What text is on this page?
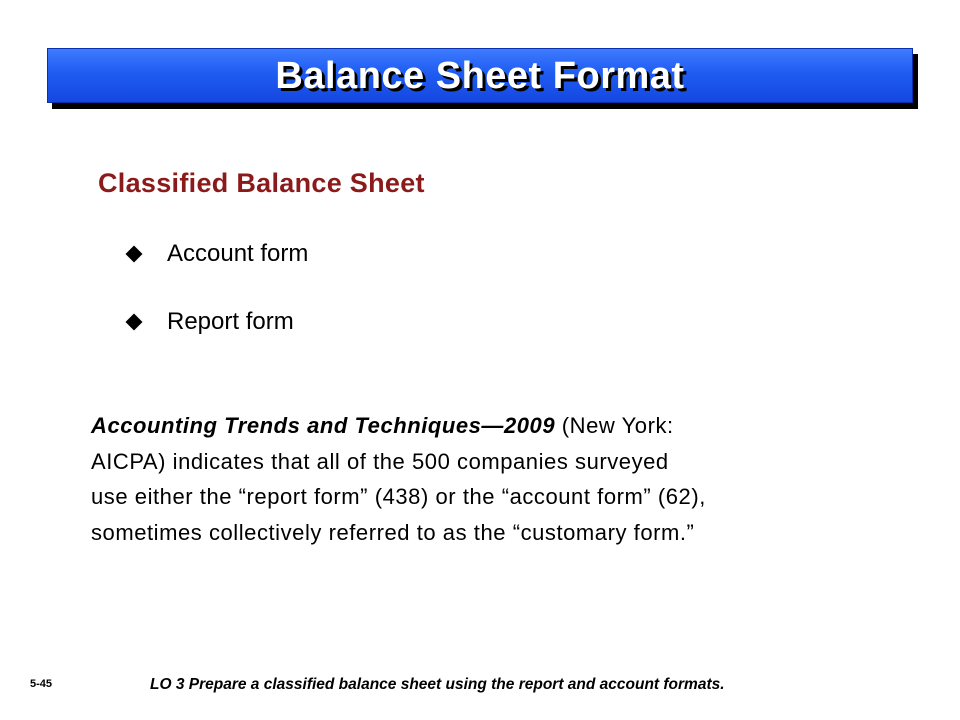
Balance Sheet Format
Classified Balance Sheet
Account form
Report form
Accounting Trends and Techniques—2009 (New York:
AICPA) indicates that all of the 500 companies surveyed
use either the “report form” (438) or the “account form” (62),
sometimes collectively referred to as the “customary form.”
5-45	LO 3 Prepare a classified balance sheet using the report and account formats.
